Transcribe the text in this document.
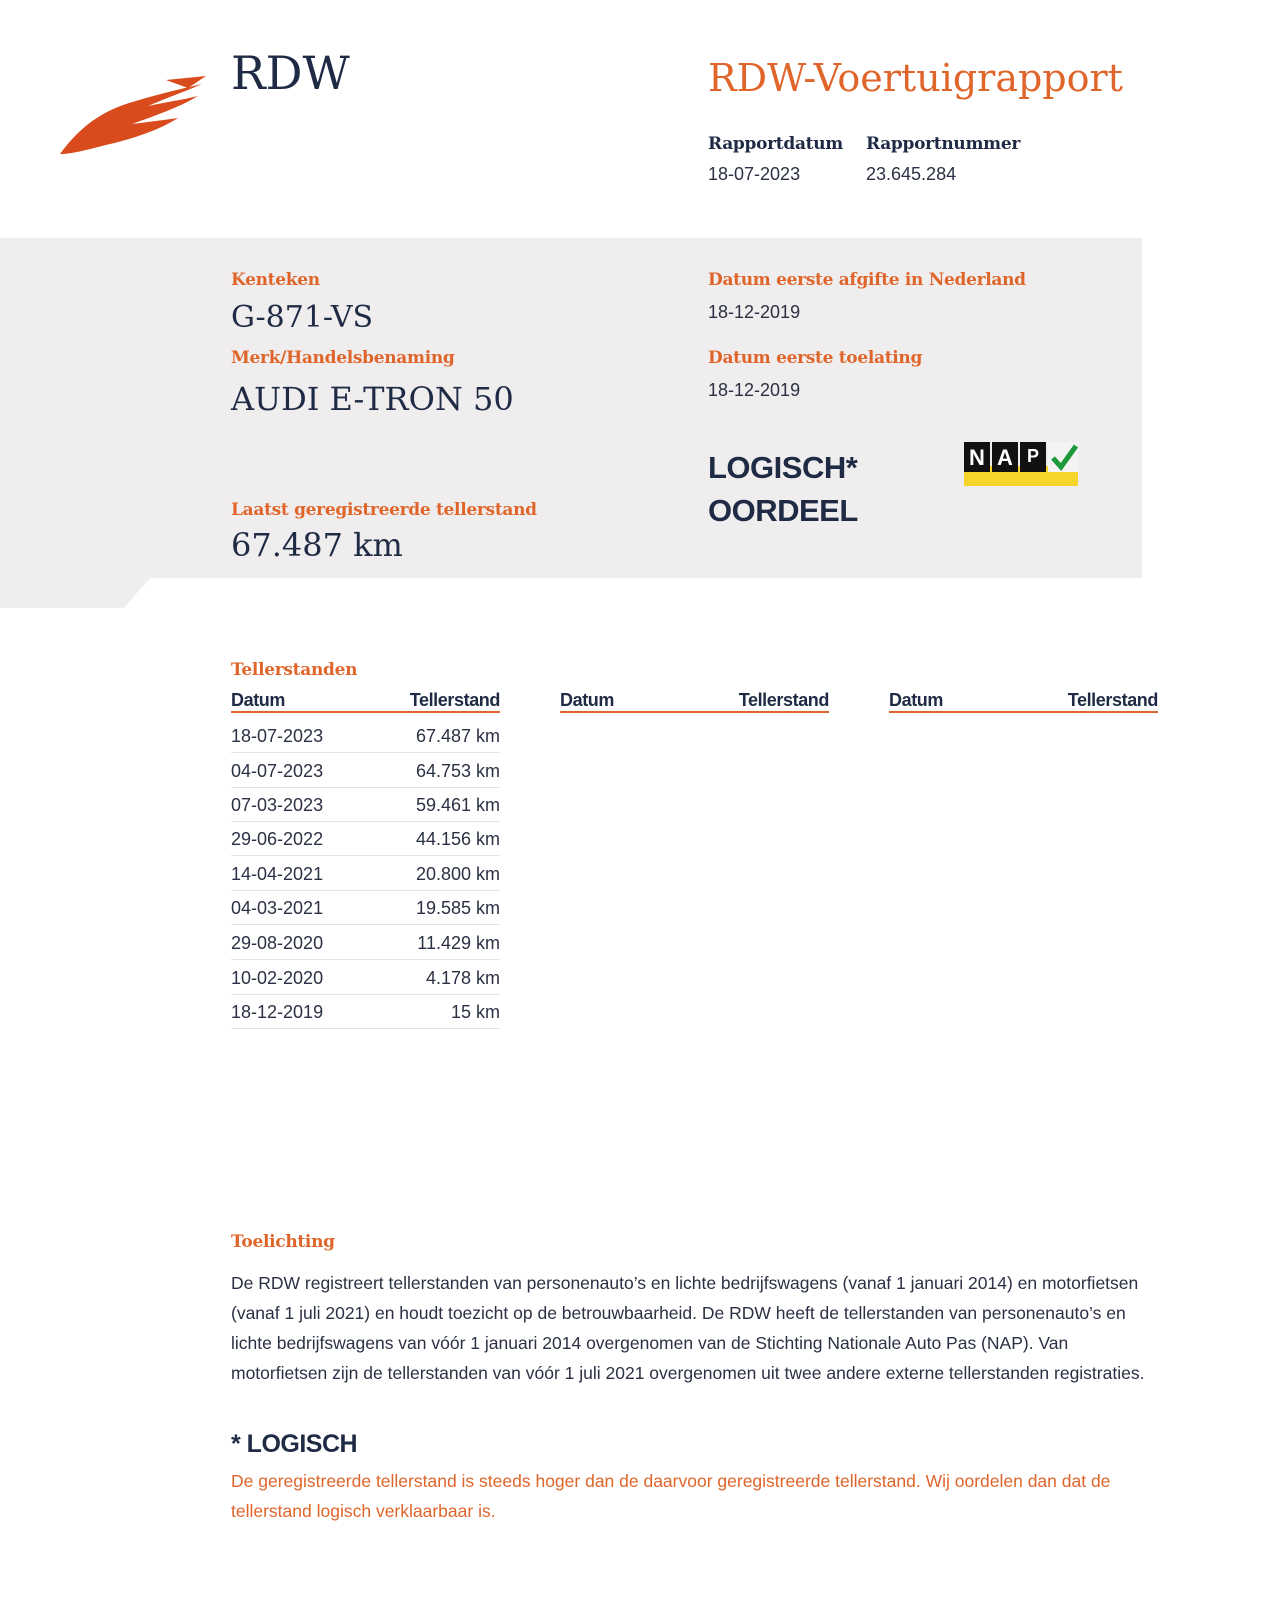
RDW	RDW-Voertuigrapport
Rapportdatum Rapportnummer
18-07-2023	23.645.284
Kenteken
G-871-VS
Merk/Handelsbenaming
AUDI E-TRON 50
Datum eerste afgifte in Nederland
18-12-2019
Datum eerste toelating
18-12-2019
LOGISCH*
OORDEEL
N A P
Laatst geregistreerde tellerstand
67.487 km
Tellerstanden
Datum	Tellerstand	Datum	Tellerstand	Datum	Tellerstand
18-07-2023	67.487 km
04-07-2023	64.753 km
07-03-2023	59.461 km
29-06-2022	44.156 km
14-04-2021	20.800 km
04-03-2021	19.585 km
29-08-2020	11.429 km
10-02-2020	4.178 km
18-12-2019	15 km
Toelichting
De RDW registreert tellerstanden van personenauto’s en lichte bedrijfswagens (vanaf 1 januari 2014) en motorfietsen (vanaf 1 juli 2021) en houdt toezicht op de betrouwbaarheid. De RDW heeft de tellerstanden van personenauto’s en lichte bedrijfswagens van vóór 1 januari 2014 overgenomen van de Stichting Nationale Auto Pas (NAP). Van motorfietsen zijn de tellerstanden van vóór 1 juli 2021 overgenomen uit twee andere externe tellerstanden registraties.
* LOGISCH
De geregistreerde tellerstand is steeds hoger dan de daarvoor geregistreerde tellerstand. Wij oordelen dan dat de tellerstand logisch verklaarbaar is.
